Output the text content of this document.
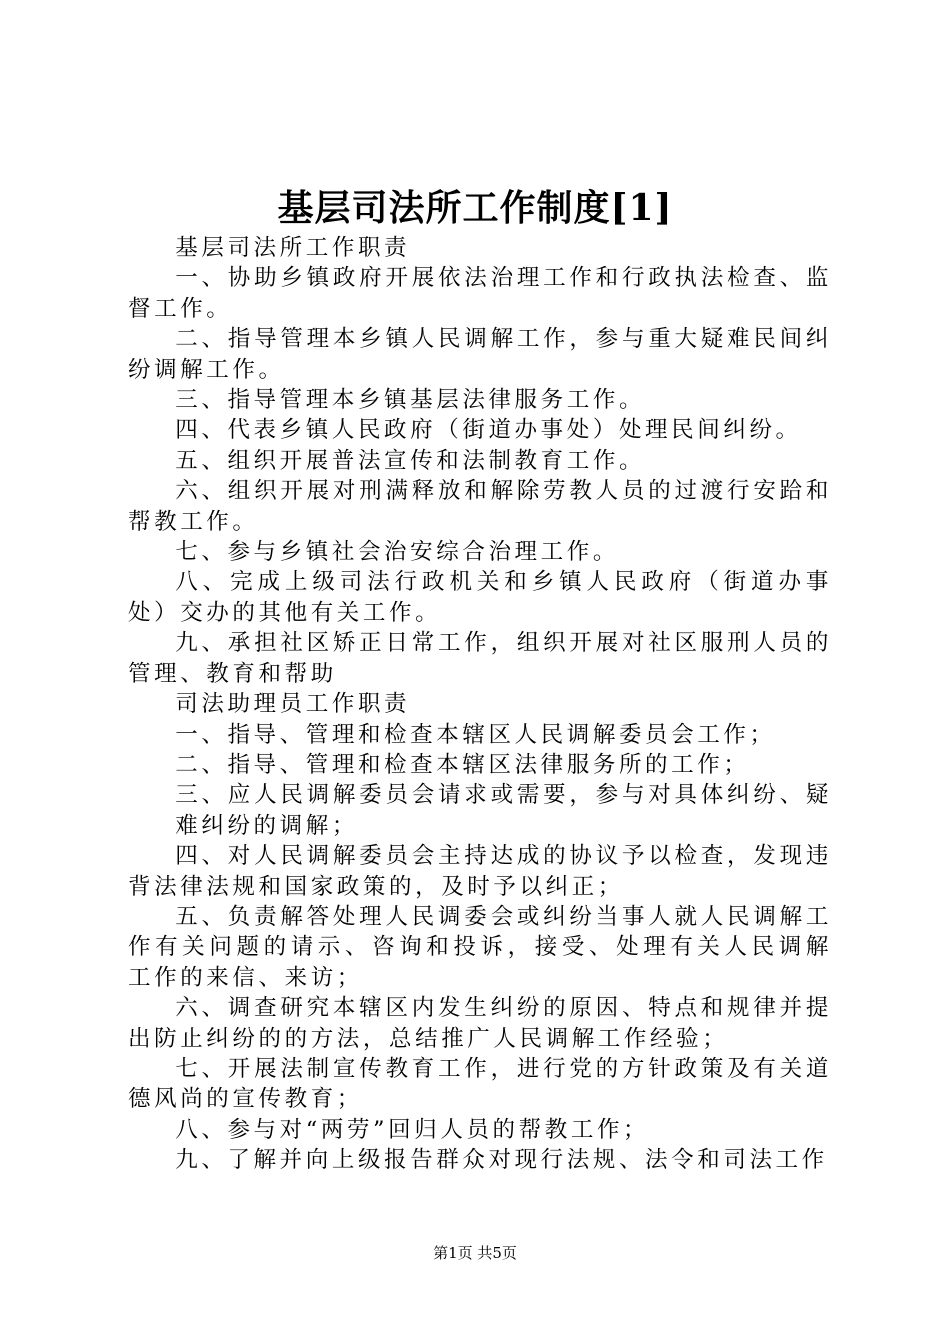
基层司法所工作制度[1]

基层司法所工作职责

一、协助乡镇政府开展依法治理工作和行政执法检查、监督工作。

二、指导管理本乡镇人民调解工作，参与重大疑难民间纠纷调解工作。

三、指导管理本乡镇基层法律服务工作。

四、代表乡镇人民政府（街道办事处）处理民间纠纷。

五、组织开展普法宣传和法制教育工作。

六、组织开展对刑满释放和解除劳教人员的过渡行安跲和帮教工作。

七、参与乡镇社会治安综合治理工作。

八、完成上级司法行政机关和乡镇人民政府（街道办事处）交办的其他有关工作。

九、承担社区矫正日常工作，组织开展对社区服刑人员的管理、教育和帮助

司法助理员工作职责

一、指导、管理和检查本辖区人民调解委员会工作；

二、指导、管理和检查本辖区法律服务所的工作；

三、应人民调解委员会请求或需要，参与对具体纠纷、疑难纠纷的调解；

四、对人民调解委员会主持达成的协议予以检查，发现违背法律法规和国家政策的，及时予以纠正；

五、负责解答处理人民调委会或纠纷当事人就人民调解工作有关问题的请示、咨询和投诉，接受、处理有关人民调解工作的来信、来访；

六、调查研究本辖区内发生纠纷的原因、特点和规律并提出防止纠纷的的方法，总结推广人民调解工作经验；

七、开展法制宣传教育工作，进行党的方针政策及有关道德风尚的宣传教育；

八、参与对“两劳”回归人员的帮教工作；

九、了解并向上级报告群众对现行法规、法令和司法工作

第1页 共5页
